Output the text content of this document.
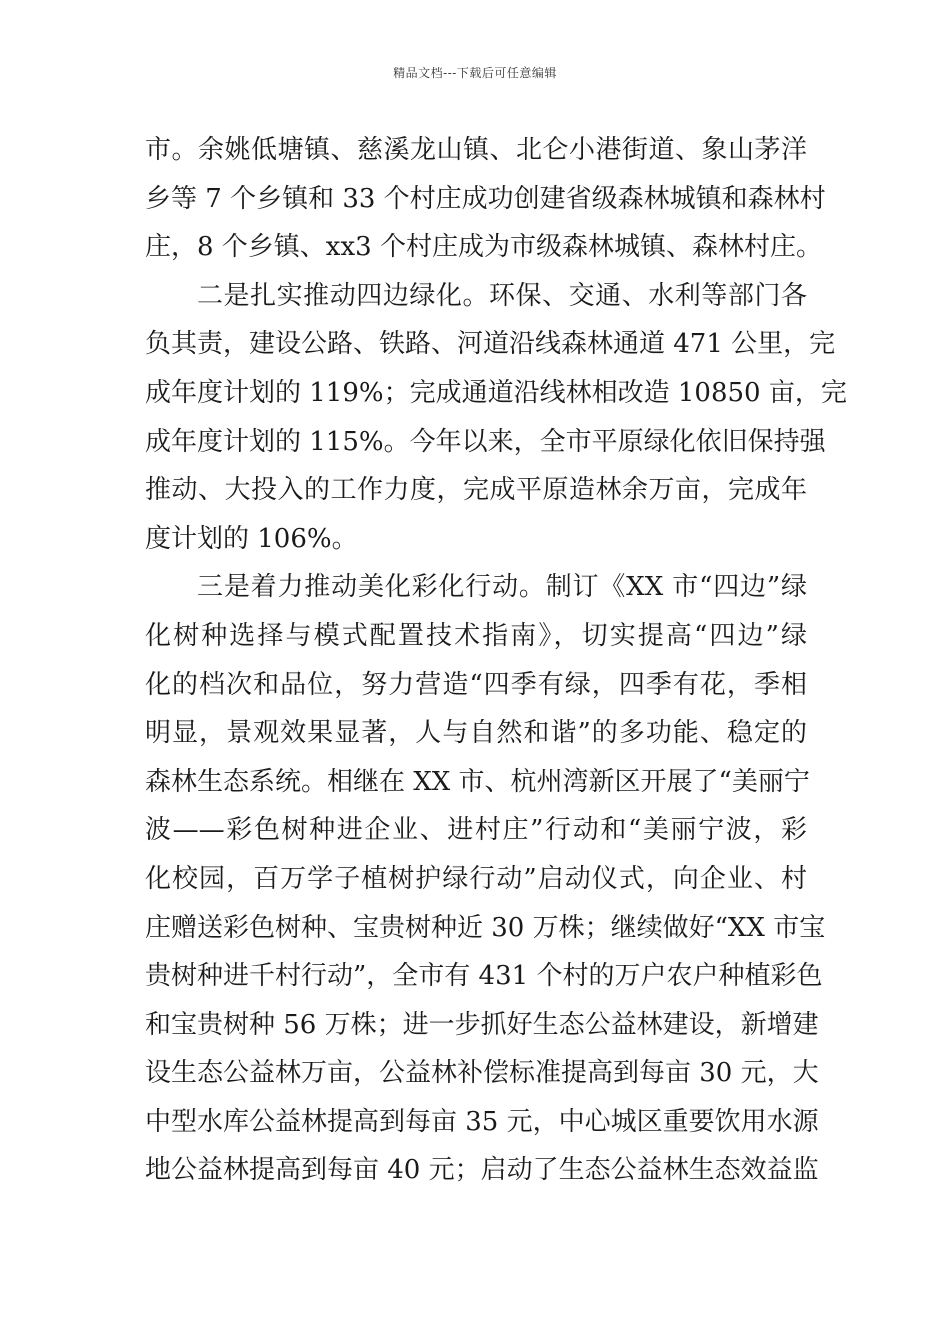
精品文档---下载后可任意编辑
市。余姚低塘镇、慈溪龙山镇、北仑小港街道、象山茅洋
乡等 7 个乡镇和 33 个村庄成功创建省级森林城镇和森林村
庄，8 个乡镇、xx3 个村庄成为市级森林城镇、森林村庄。
二是扎实推动四边绿化。环保、交通、水利等部门各
负其责，建设公路、铁路、河道沿线森林通道 471 公里，完
成年度计划的 119%；完成通道沿线林相改造 10850 亩，完
成年度计划的 115%。今年以来，全市平原绿化依旧保持强
推动、大投入的工作力度，完成平原造林余万亩，完成年
度计划的 106%。
三是着力推动美化彩化行动。制订《XX 市“四边”绿
化树种选择与模式配置技术指南》，切实提高“四边”绿
化的档次和品位，努力营造“四季有绿，四季有花，季相
明显，景观效果显著，人与自然和谐”的多功能、稳定的
森林生态系统。相继在 XX 市、杭州湾新区开展了“美丽宁
波——彩色树种进企业、进村庄”行动和“美丽宁波，彩
化校园，百万学子植树护绿行动”启动仪式，向企业、村
庄赠送彩色树种、宝贵树种近 30 万株；继续做好“XX 市宝
贵树种进千村行动”，全市有 431 个村的万户农户种植彩色
和宝贵树种 56 万株；进一步抓好生态公益林建设，新增建
设生态公益林万亩，公益林补偿标准提高到每亩 30 元，大
中型水库公益林提高到每亩 35 元，中心城区重要饮用水源
地公益林提高到每亩 40 元；启动了生态公益林生态效益监
